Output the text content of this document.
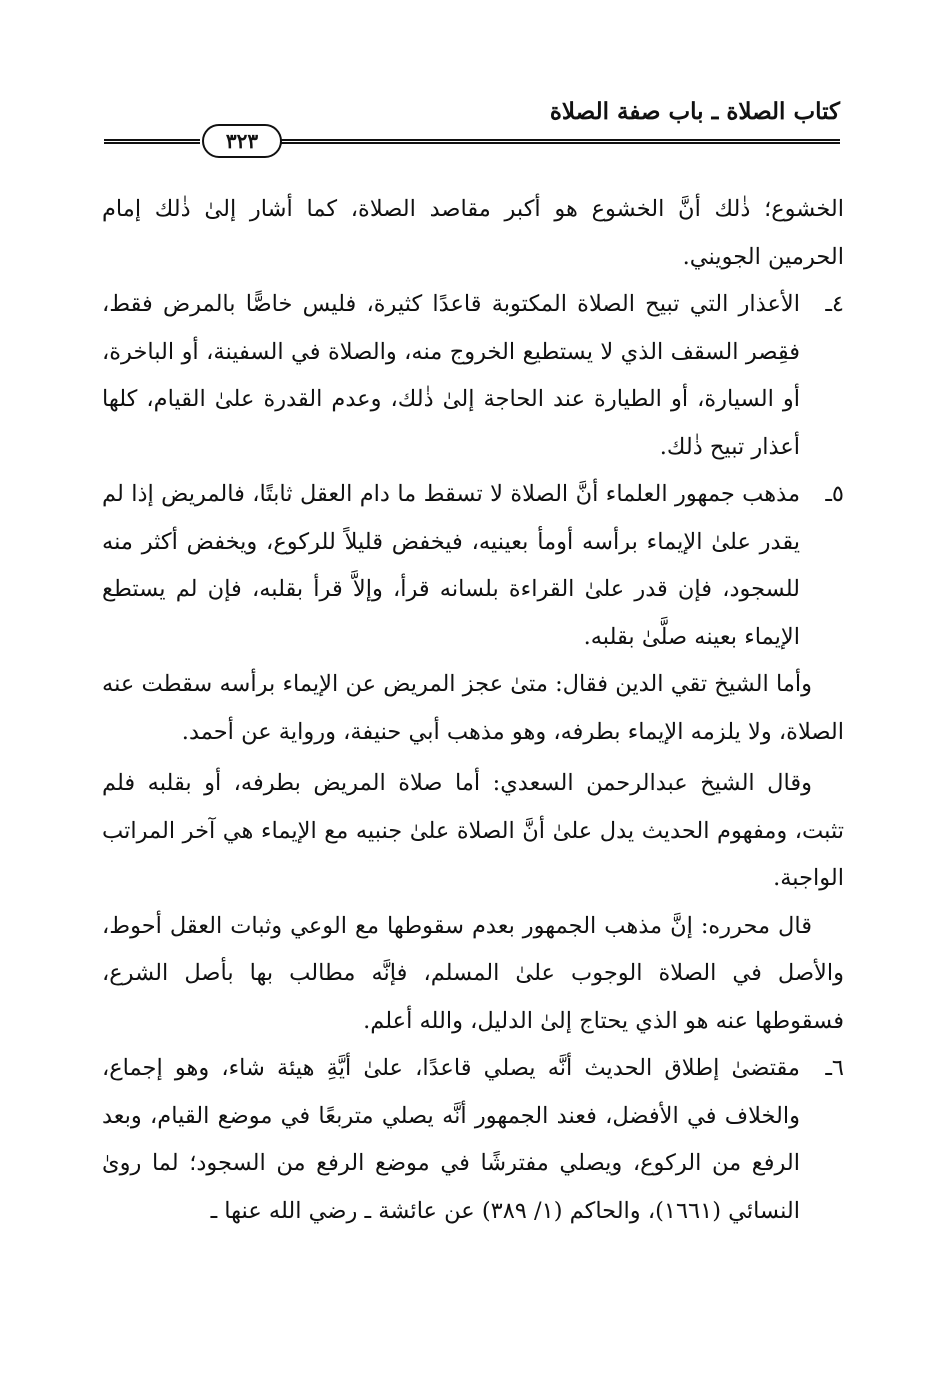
كتاب الصلاة ـ باب صفة الصلاة
٣٢٣

الخشوع؛ ذٰلك أنَّ الخشوع هو أكبر مقاصد الصلاة، كما أشار إلىٰ ذٰلك إمام الحرمين الجويني.

٤ـ
الأعذار التي تبيح الصلاة المكتوبة قاعدًا كثيرة، فليس خاصًّا بالمرض فقط، فقِصر السقف الذي لا يستطيع الخروج منه، والصلاة في السفينة، أو الباخرة، أو السيارة، أو الطيارة عند الحاجة إلىٰ ذٰلك، وعدم القدرة علىٰ القيام، كلها أعذار تبيح ذٰلك.

٥ـ
مذهب جمهور العلماء أنَّ الصلاة لا تسقط ما دام العقل ثابتًا، فالمريض إذا لم يقدر علىٰ الإيماء برأسه أومأ بعينيه، فيخفض قليلاً للركوع، ويخفض أكثر منه للسجود، فإن قدر علىٰ القراءة بلسانه قرأ، وإلاَّ قرأ بقلبه، فإن لم يستطع الإيماء بعينه صلَّىٰ بقلبه.

وأما الشيخ تقي الدين فقال: متىٰ عجز المريض عن الإيماء برأسه سقطت عنه الصلاة، ولا يلزمه الإيماء بطرفه، وهو مذهب أبي حنيفة، ورواية عن أحمد.

وقال الشيخ عبدالرحمن السعدي: أما صلاة المريض بطرفه، أو بقلبه فلم تثبت، ومفهوم الحديث يدل علىٰ أنَّ الصلاة علىٰ جنبيه مع الإيماء هي آخر المراتب الواجبة.

قال محرره: إنَّ مذهب الجمهور بعدم سقوطها مع الوعي وثبات العقل أحوط، والأصل في الصلاة الوجوب علىٰ المسلم، فإنَّه مطالب بها بأصل الشرع، فسقوطها عنه هو الذي يحتاج إلىٰ الدليل، والله أعلم.

٦ـ
مقتضىٰ إطلاق الحديث أنَّه يصلي قاعدًا، علىٰ أيَّةِ هيئة شاء، وهو إجماع، والخلاف في الأفضل، فعند الجمهور أنَّه يصلي متربعًا في موضع القيام، وبعد الرفع من الركوع، ويصلي مفترشًا في موضع الرفع من السجود؛ لما روىٰ النسائي (١٦٦١)، والحاكم (١/ ٣٨٩) عن عائشة ـ رضي الله عنها ـ
